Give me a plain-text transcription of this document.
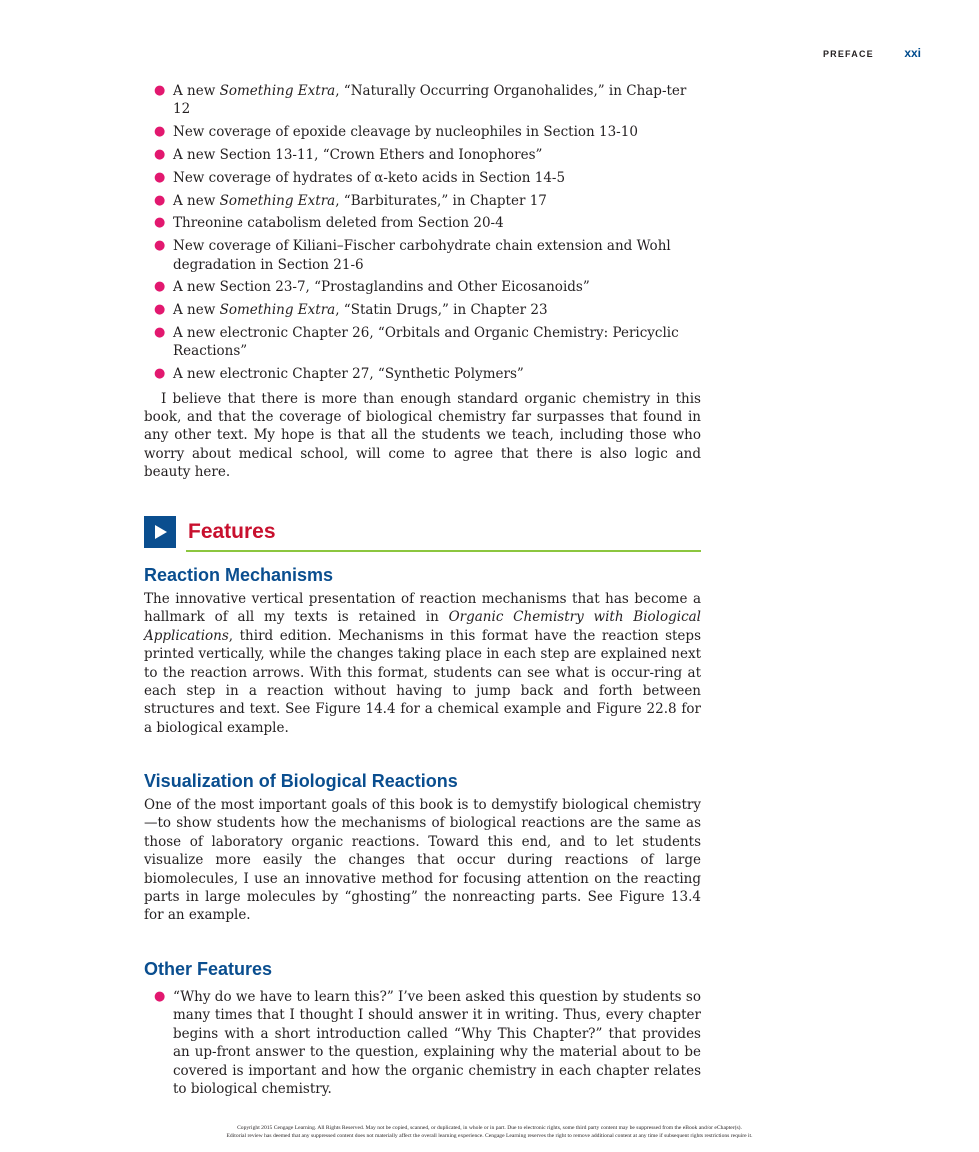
PREFACE	xxi
● A new Something Extra, “Naturally Occurring Organohalides,” in Chap-ter 12
● New coverage of epoxide cleavage by nucleophiles in Section 13-10
● A new Section 13-11, “Crown Ethers and Ionophores”
● New coverage of hydrates of α-keto acids in Section 14-5
● A new Something Extra, “Barbiturates,” in Chapter 17
● Threonine catabolism deleted from Section 20-4
● New coverage of Kiliani–Fischer carbohydrate chain extension and Wohl degradation in Section 21-6
● A new Section 23-7, “Prostaglandins and Other Eicosanoids”
● A new Something Extra, “Statin Drugs,” in Chapter 23
● A new electronic Chapter 26, “Orbitals and Organic Chemistry: Pericyclic Reactions”
● A new electronic Chapter 27, “Synthetic Polymers”

I believe that there is more than enough standard organic chemistry in this book, and that the coverage of biological chemistry far surpasses that found in any other text. My hope is that all the students we teach, including those who worry about medical school, will come to agree that there is also logic and beauty here.

Features
Reaction Mechanisms

The innovative vertical presentation of reaction mechanisms that has become a hallmark of all my texts is retained in Organic Chemistry with Biological Applications, third edition. Mechanisms in this format have the reaction steps printed vertically, while the changes taking place in each step are explained next to the reaction arrows. With this format, students can see what is occur-ring at each step in a reaction without having to jump back and forth between structures and text. See Figure 14.4 for a chemical example and Figure 22.8 for a biological example.

Visualization of Biological Reactions

One of the most important goals of this book is to demystify biological chemistry—to show students how the mechanisms of biological reactions are the same as those of laboratory organic reactions. Toward this end, and to let students visualize more easily the changes that occur during reactions of large biomolecules, I use an innovative method for focusing attention on the reacting parts in large molecules by “ghosting” the nonreacting parts. See Figure 13.4 for an example.

Other Features
● “Why do we have to learn this?” I’ve been asked this question by students so many times that I thought I should answer it in writing. Thus, every chapter begins with a short introduction called “Why This Chapter?” that provides an up-front answer to the question, explaining why the material about to be covered is important and how the organic chemistry in each chapter relates to biological chemistry.

Copyright 2015 Cengage Learning. All Rights Reserved. May not be copied, scanned, or duplicated, in whole or in part. Due to electronic rights, some third party content may be suppressed from the eBook and/or eChapter(s).
Editorial review has deemed that any suppressed content does not materially affect the overall learning experience. Cengage Learning reserves the right to remove additional content at any time if subsequent rights restrictions require it.
